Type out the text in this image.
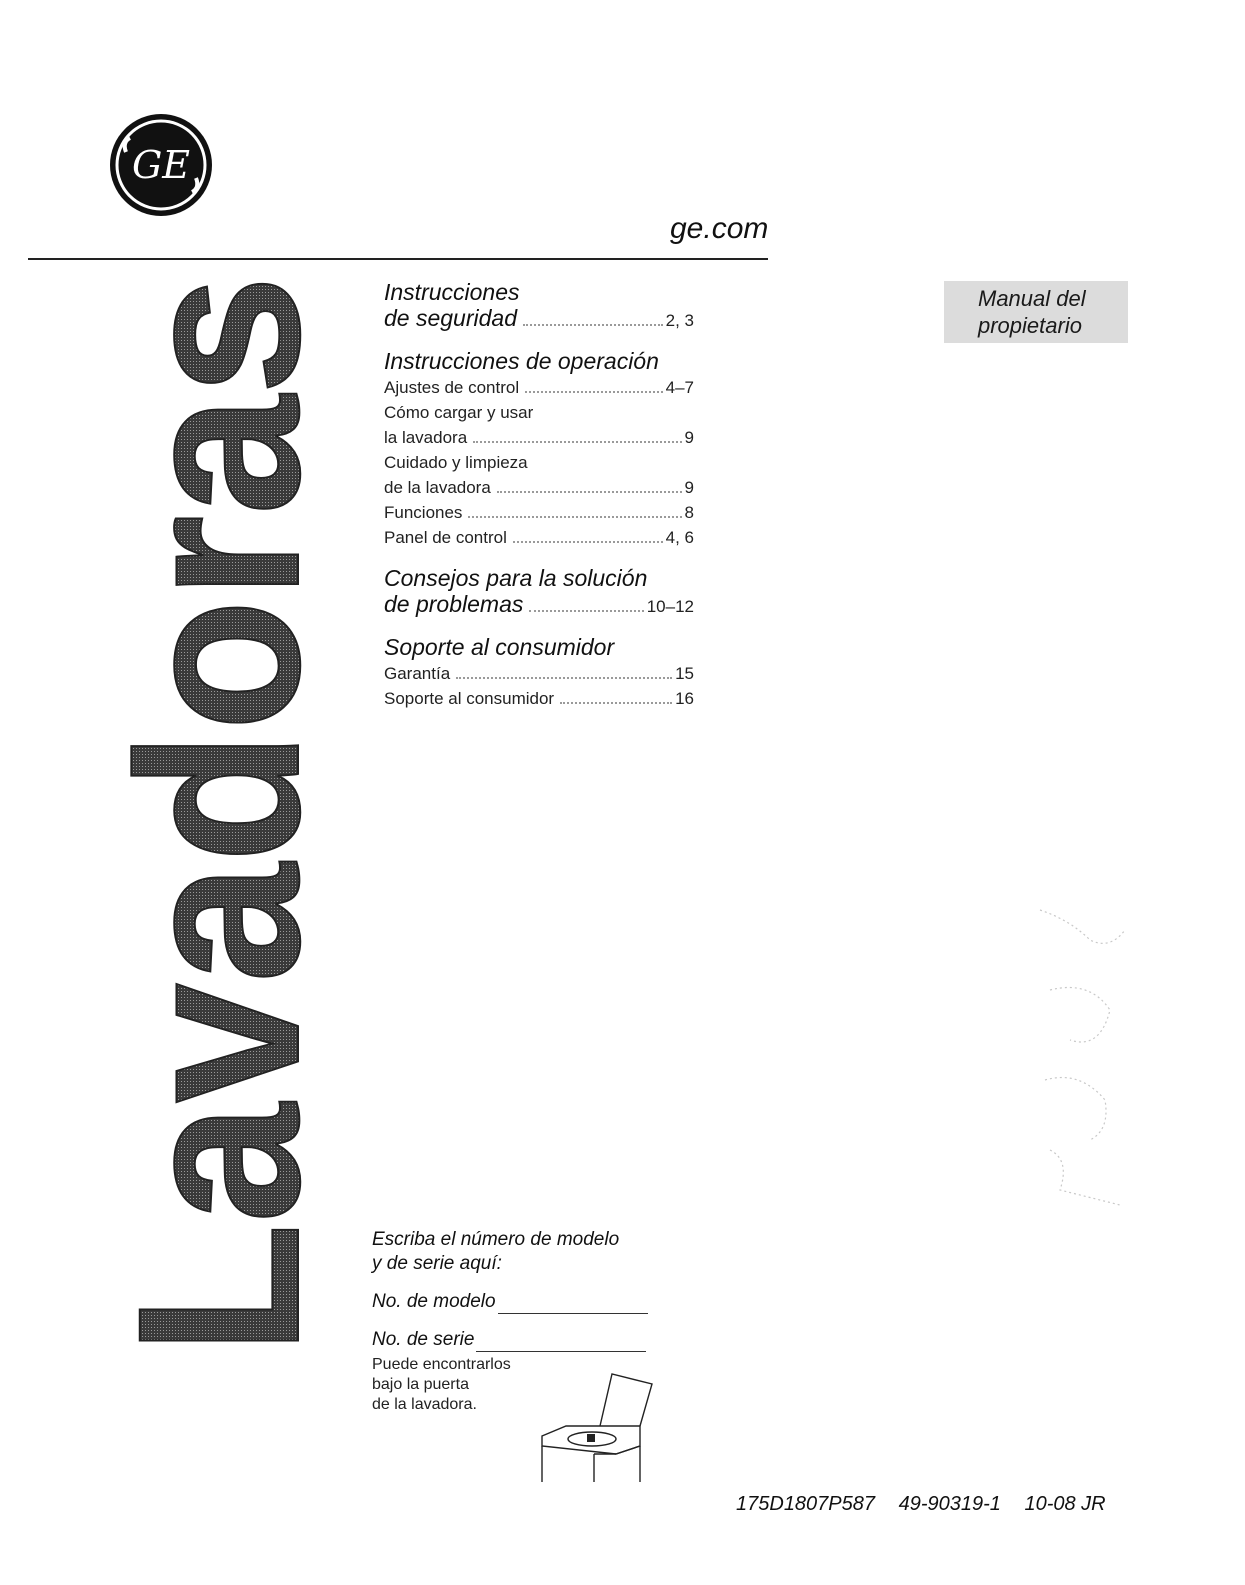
GE
ge.com
Lavadoras	Manual del
propietario
Instrucciones
de seguridad	2, 3
Instrucciones de operación
Ajustes de control	4–7
Cómo cargar y usar
la lavadora	9
Cuidado y limpieza
de la lavadora	9
Funciones	8
Panel de control	4, 6
Consejos para la solución
de problemas	10–12
Soporte al consumidor
Garantía	15
Soporte al consumidor	16
Escriba el número de modelo
y de serie aquí:
No. de modelo
No. de serie
Puede encontrarlos
bajo la puerta
de la lavadora.
175D1807P587 49-90319-1 10-08 JR
